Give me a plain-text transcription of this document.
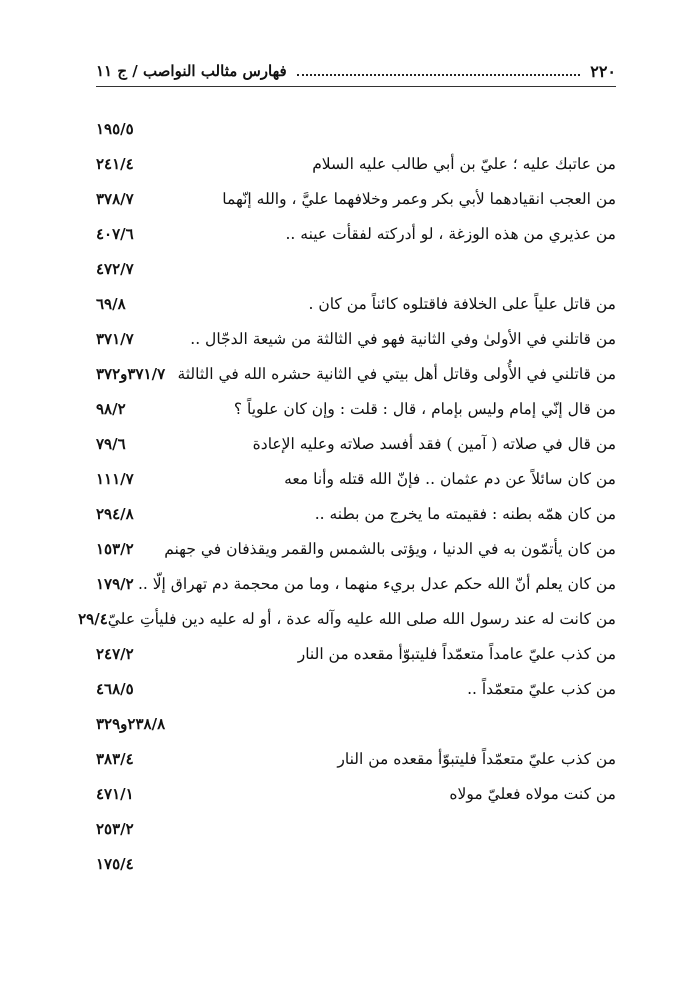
٢٢٠
فهارس مثالب النواصب / ج ١١
١٩٥/٥
من عاتبك عليه ؛ عليّ بن أبي طالب عليه السلام
٢٤١/٤
من العجب انقيادهما لأبي بكر وعمر وخلافهما عليَّ ، والله إنّهما
٣٧٨/٧
من عذيري من هذه الوزغة ، لو أدركته لفقأت عينه ..
٤٠٧/٦
٤٧٢/٧
من قاتل علياً على الخلافة فاقتلوه كائناً من كان .
٦٩/٨
من قاتلني في الأولىٰ وفي الثانية فهو في الثالثة من شيعة الدجّال ..
٣٧١/٧
من قاتلني في الأُولى وقاتل أهل بيتي في الثانية حشره الله في الثالثة
٣٧١/٧و٣٧٢
من قال إنّي إمام وليس بإمام ، قال : قلت : وإن كان علوياً ؟
٩٨/٢
من قال في صلاته ( آمين ) فقد أفسد صلاته وعليه الإعادة
٧٩/٦
من كان سائلاً عن دم عثمان .. فإنّ الله قتله وأنا معه
١١١/٧
من كان همّه بطنه : فقيمته ما يخرج من بطنه ..
٢٩٤/٨
من كان يأتمّون به في الدنيا ، ويؤتى بالشمس والقمر ويقذفان في جهنم
١٥٣/٢
من كان يعلم أنّ الله حكم عدل بريء منهما ، وما من محجمة دم تهراق إلّا ..
١٧٩/٢
من كانت له عند رسول الله صلى الله عليه وآله عدة ، أو له عليه دين فليأتِ عليّ
٢٩/٤
من كذب عليّ عامداً متعمّداً فليتبوّأ مقعده من النار
٢٤٧/٢
من كذب عليّ متعمّداً ..
٤٦٨/٥
٢٣٨/٨و٣٢٩
من كذب عليّ متعمّداً فليتبوّأ مقعده من النار
٣٨٣/٤
من كنت مولاه فعليّ مولاه
٤٧١/١
٢٥٣/٢
١٧٥/٤
